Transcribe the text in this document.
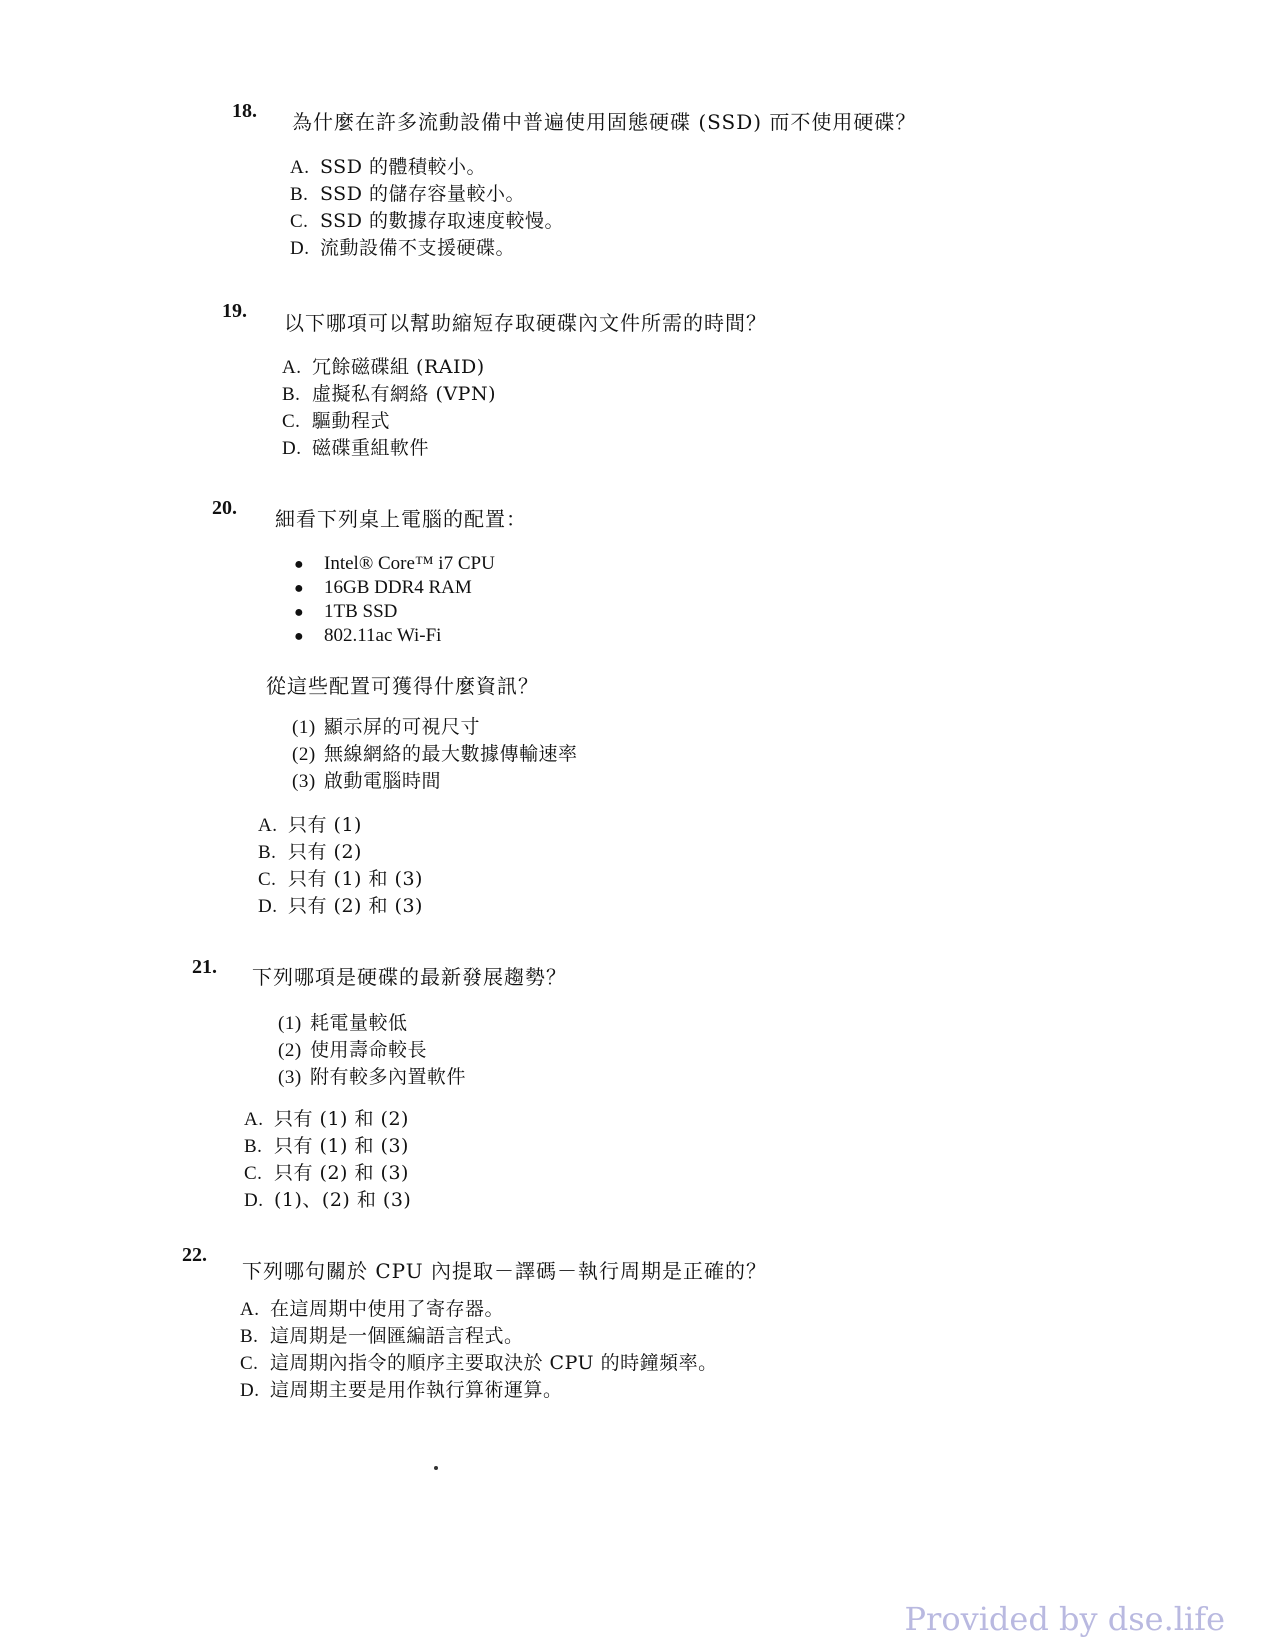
18. 為什麼在許多流動設備中普遍使用固態硬碟 (SSD) 而不使用硬碟？
A. SSD 的體積較小。
B. SSD 的儲存容量較小。
C. SSD 的數據存取速度較慢。
D. 流動設備不支援硬碟。
19. 以下哪項可以幫助縮短存取硬碟內文件所需的時間？
A. 冗餘磁碟組 (RAID)
B. 虛擬私有網絡 (VPN)
C. 驅動程式
D. 磁碟重組軟件
20. 細看下列桌上電腦的配置：
● Intel® Core™ i7 CPU
● 16GB DDR4 RAM
● 1TB SSD
● 802.11ac Wi-Fi
從這些配置可獲得什麼資訊？
(1) 顯示屏的可視尺寸
(2) 無線網絡的最大數據傳輸速率
(3) 啟動電腦時間
A. 只有 (1)
B. 只有 (2)
C. 只有 (1) 和 (3)
D. 只有 (2) 和 (3)
21. 下列哪項是硬碟的最新發展趨勢？
(1) 耗電量較低
(2) 使用壽命較長
(3) 附有較多內置軟件
A. 只有 (1) 和 (2)
B. 只有 (1) 和 (3)
C. 只有 (2) 和 (3)
D. (1)、(2) 和 (3)
22.
下列哪句關於 CPU 內提取－譯碼－執行周期是正確的？
A. 在這周期中使用了寄存器。
B. 這周期是一個匯編語言程式。
C. 這周期內指令的順序主要取決於 CPU 的時鐘頻率。
D. 這周期主要是用作執行算術運算。
Provided by dse.life
